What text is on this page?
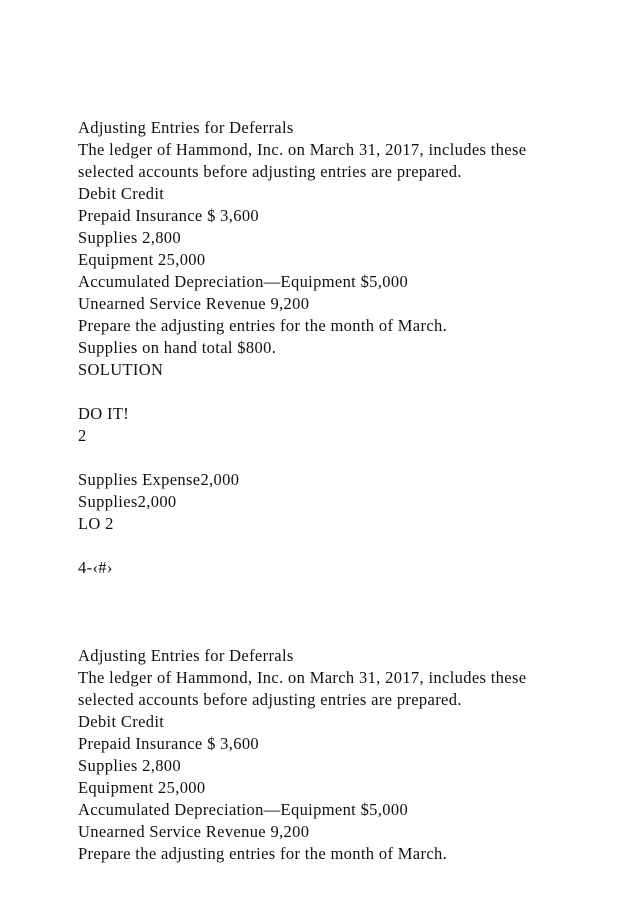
Adjusting Entries for Deferrals
The ledger of Hammond, Inc. on March 31, 2017, includes these
selected accounts before adjusting entries are prepared.
Debit Credit
Prepaid Insurance $ 3,600
Supplies 2,800
Equipment 25,000
Accumulated Depreciation—Equipment $5,000
Unearned Service Revenue 9,200
Prepare the adjusting entries for the month of March.
Supplies on hand total $800.
SOLUTION
DO IT!
2
Supplies Expense2,000
Supplies2,000
LO 2
4-‹#›
Adjusting Entries for Deferrals
The ledger of Hammond, Inc. on March 31, 2017, includes these
selected accounts before adjusting entries are prepared.
Debit Credit
Prepaid Insurance $ 3,600
Supplies 2,800
Equipment 25,000
Accumulated Depreciation—Equipment $5,000
Unearned Service Revenue 9,200
Prepare the adjusting entries for the month of March.
